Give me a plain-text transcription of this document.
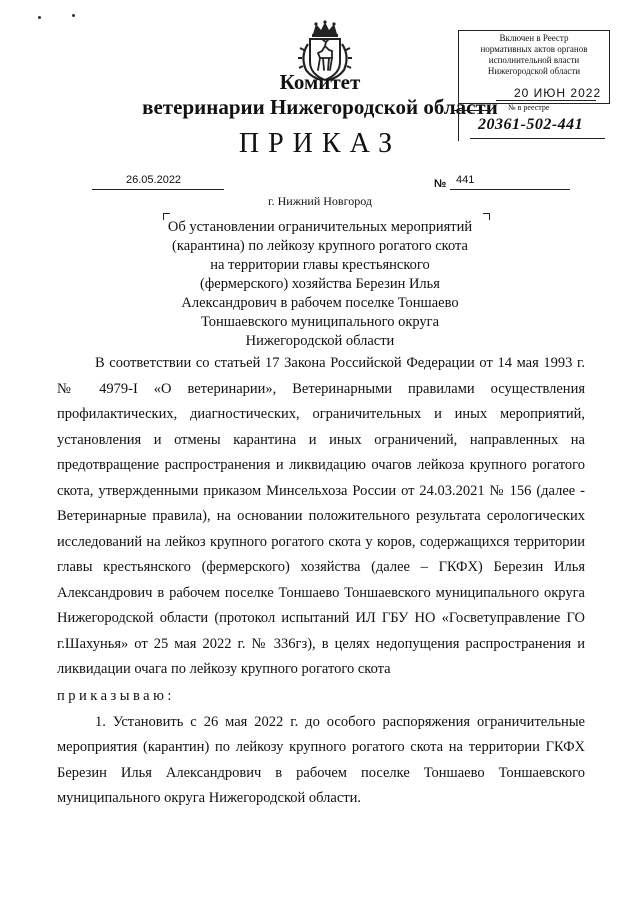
Комитет
ветеринарии Нижегородской области
ПРИКАЗ
26.05.2022	№ 441
г. Нижний Новгород
Об установлении ограничительных мероприятий
(карантина) по лейкозу крупного рогатого скота
на территории главы крестьянского
(фермерского) хозяйства Березин Илья
Александрович в рабочем поселке Тоншаево
Тоншаевского муниципального округа
Нижегородской области

В соответствии со статьей 17 Закона Российской Федерации от 14 мая 1993 г. № 4979-I «О ветеринарии», Ветеринарными правилами осуществления профилактических, диагностических, ограничительных и иных мероприятий, установления и отмены карантина и иных ограничений, направленных на предотвращение распространения и ликвидацию очагов лейкоза крупного рогатого скота, утвержденными приказом Минсельхоза России от 24.03.2021 № 156 (далее - Ветеринарные правила), на основании положительного результата серологических исследований на лейкоз крупного рогатого скота у коров, содержащихся территории главы крестьянского (фермерского) хозяйства (далее – ГКФХ) Березин Илья Александрович в рабочем поселке Тоншаево Тоншаевского муниципального округа Нижегородской области (протокол испытаний ИЛ ГБУ НО «Госветуправление ГО г.Шахунья» от 25 мая 2022 г. № 336гз), в целях недопущения распространения и ликвидации очага по лейкозу крупного рогатого скота

приказываю:

1. Установить с 26 мая 2022 г. до особого распоряжения ограничительные мероприятия (карантин) по лейкозу крупного рогатого скота на территории ГКФХ Березин Илья Александрович в рабочем поселке Тоншаево Тоншаевского муниципального округа Нижегородской области.

Включен в Реестр
нормативных актов органов
исполнительной власти
Нижегородской области
20 ИЮН 2022
№ в реестре
20361-502-441
